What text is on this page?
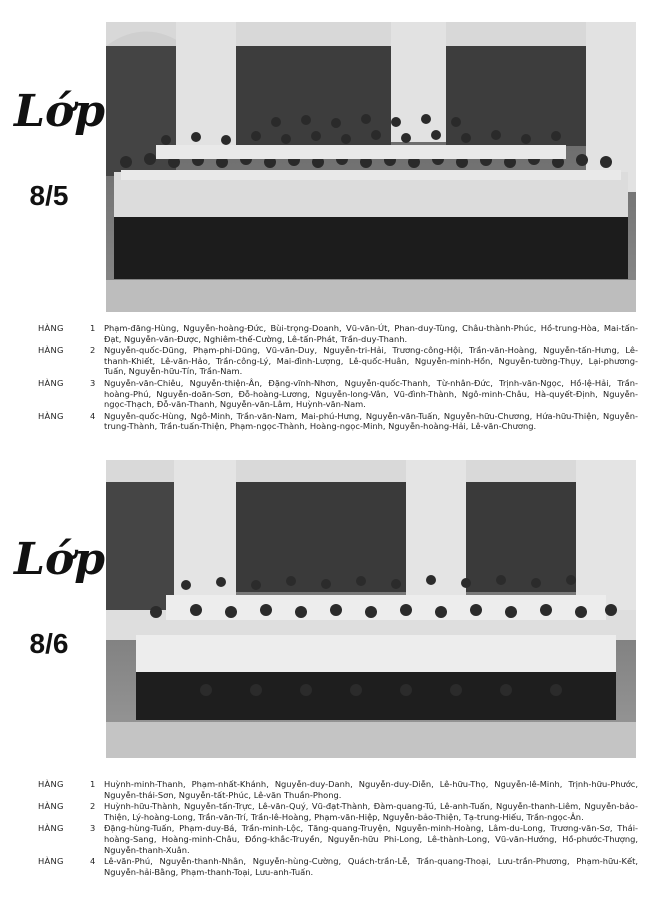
Lớp
8/5
HÀNG	1	Phạm-đăng-Hùng, Nguyễn-hoàng-Đức, Bùi-trọng-Doanh, Vũ-văn-Út, Phan-duy-Tùng, Châu-thành-Phúc, Hồ-trung-Hòa, Mai-tấn-Đạt, Nguyễn-văn-Được, Nghiêm-thế-Cường, Lê-tấn-Phát, Trần-duy-Thanh.
HÀNG	2	Nguyễn-quốc-Dũng, Phạm-phi-Dũng, Vũ-văn-Duy, Nguyễn-tri-Hải, Trương-công-Hội, Trần-văn-Hoàng, Nguyễn-tấn-Hưng, Lê-thanh-Khiết, Lê-văn-Hảo, Trần-công-Lý, Mai-đình-Lượng, Lê-quốc-Huân, Nguyễn-minh-Hồn, Nguyễn-tường-Thụy, Lại-phương-Tuấn, Nguyễn-hữu-Tín, Trần-Nam.
HÀNG	3	Nguyễn-văn-Chiêu, Nguyễn-thiện-Ân, Đặng-vĩnh-Nhơn, Nguyễn-quốc-Thanh, Từ-nhân-Đức, Trịnh-văn-Ngọc, Hồ-lệ-Hải, Trần-hoàng-Phú, Nguyễn-doãn-Sơn, Đỗ-hoàng-Lương, Nguyễn-long-Vân, Vũ-đình-Thành, Ngô-minh-Châu, Hà-quyết-Định, Nguyễn-ngọc-Thạch, Đỗ-văn-Thanh, Nguyễn-văn-Lâm, Huỳnh-văn-Nam.
HÀNG	4	Nguyễn-quốc-Hùng, Ngô-Minh, Trần-văn-Nam, Mai-phú-Hưng, Nguyễn-văn-Tuấn, Nguyễn-hữu-Chương, Hứa-hữu-Thiện, Nguyễn-trung-Thành, Trần-tuấn-Thiện, Phạm-ngọc-Thành, Hoàng-ngọc-Minh, Nguyễn-hoàng-Hải, Lê-văn-Chương.
Lớp
8/6
HÀNG	1	Huỳnh-minh-Thanh, Phạm-nhất-Khánh, Nguyễn-duy-Danh, Nguyễn-duy-Diễn, Lê-hữu-Thọ, Nguyễn-lê-Minh, Trịnh-hữu-Phước, Nguyễn-thái-Sơn, Nguyễn-tất-Phúc, Lê-văn Thuần-Phong.
HÀNG	2	Huỳnh-hữu-Thành, Nguyễn-tấn-Trực, Lê-văn-Quý, Vũ-đạt-Thành, Đàm-quang-Tú, Lê-anh-Tuấn, Nguyễn-thanh-Liêm, Nguyễn-bảo-Thiện, Lý-hoàng-Long, Trần-văn-Trí, Trần-lê-Hoàng, Phạm-văn-Hiệp, Nguyễn-bảo-Thiện, Tạ-trung-Hiếu, Trần-ngọc-Ân.
HÀNG	3	Đặng-hùng-Tuấn, Phạm-duy-Bá, Trần-minh-Lộc, Tăng-quang-Truyện, Nguyễn-minh-Hoàng, Lâm-du-Long, Trương-văn-Sơ, Thái-hoàng-Sang, Hoàng-minh-Châu, Đồng-khắc-Truyền, Nguyễn-hữu Phi-Long, Lê-thành-Long, Vũ-văn-Hướng, Hồ-phước-Thượng, Nguyễn-thanh-Xuân.
HÀNG	4	Lê-văn-Phú, Nguyễn-thanh-Nhân, Nguyễn-hùng-Cường, Quách-trần-Lễ, Trần-quang-Thoại, Lưu-trần-Phương, Phạm-hữu-Kết, Nguyễn-hải-Bằng, Phạm-thanh-Toại, Lưu-anh-Tuấn.
